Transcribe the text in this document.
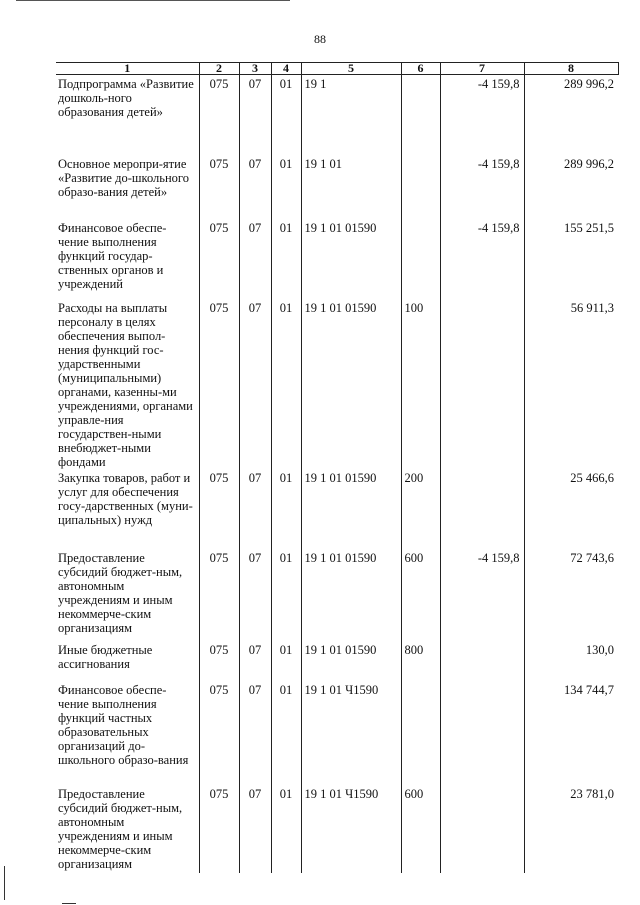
88
1	2	3	4	5	6	7	8
Подпрограмма «Развитие дошколь-ного образования детей»	075	07	01	19 1		-4 159,8	289 996,2
Основное меропри-ятие «Развитие до-школьного образо-вания детей»	075	07	01	19 1 01		-4 159,8	289 996,2
Финансовое обеспе-чение выполнения функций государ-ственных органов и учреждений	075	07	01	19 1 01 01590		-4 159,8	155 251,5
Расходы на выплаты персоналу в целях обеспечения выпол-нения функций гос-ударственными (муниципальными) органами, казенны-ми учреждениями, органами управле-ния государствен-ными внебюджет-ными фондами	075	07	01	19 1 01 01590	100		56 911,3
Закупка товаров, работ и услуг для обеспечения госу-дарственных (муни-ципальных) нужд	075	07	01	19 1 01 01590	200		25 466,6
Предоставление субсидий бюджет-ным, автономным учреждениям и иным некоммерче-ским организациям	075	07	01	19 1 01 01590	600	-4 159,8	72 743,6
Иные бюджетные ассигнования	075	07	01	19 1 01 01590	800		130,0
Финансовое обеспе-чение выполнения функций частных образовательных организаций до-школьного образо-вания	075	07	01	19 1 01 Ч1590			134 744,7
Предоставление субсидий бюджет-ным, автономным учреждениям и иным некоммерче-ским организациям	075	07	01	19 1 01 Ч1590	600		23 781,0
